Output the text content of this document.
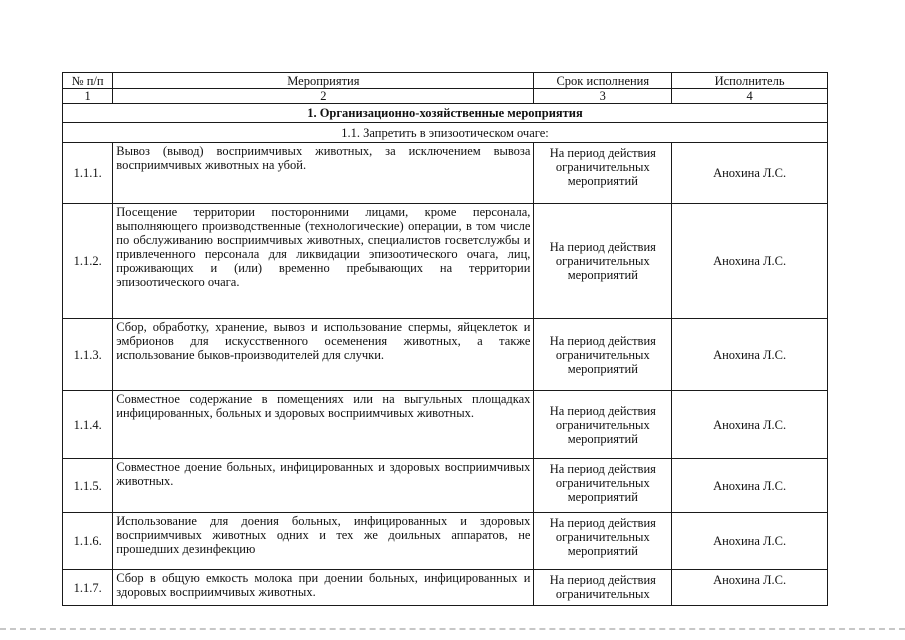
№ п/п	Мероприятия	Срок исполнения	Исполнитель
1	2	3	4
1. Организационно-хозяйственные мероприятия			
1.1. Запретить в эпизоотическом очаге:			
1.1.1.	Вывоз (вывод) восприимчивых животных, за исключением вывоза восприимчивых животных на убой.	На период действия ограничительных мероприятий	Анохина Л.С.
1.1.2.	Посещение территории посторонними лицами, кроме персонала, выполняющего производственные (технологические) операции, в том числе по обслуживанию восприимчивых животных, специалистов госветслужбы и привлеченного персонала для ликвидации эпизоотического очага, лиц, проживающих и (или) временно пребывающих на территории эпизоотического очага.	На период действия ограничительных мероприятий	Анохина Л.С.
1.1.3.	Сбор, обработку, хранение, вывоз и использование спермы, яйцеклеток и эмбрионов для искусственного осеменения животных, а также использование быков-производителей для случки.	На период действия ограничительных мероприятий	Анохина Л.С.
1.1.4.	Совместное содержание в помещениях или на выгульных площадках инфицированных, больных и здоровых восприимчивых животных.	На период действия ограничительных мероприятий	Анохина Л.С.
1.1.5.	Совместное доение больных, инфицированных и здоровых восприимчивых животных.	На период действия ограничительных мероприятий	Анохина Л.С.
1.1.6.	Использование для доения больных, инфицированных и здоровых восприимчивых животных одних и тех же доильных аппаратов, не прошедших дезинфекцию	На период действия ограничительных мероприятий	Анохина Л.С.
1.1.7.	Сбор в общую емкость молока при доении больных, инфицированных и здоровых восприимчивых животных.	На период действия ограничительных	Анохина Л.С.
